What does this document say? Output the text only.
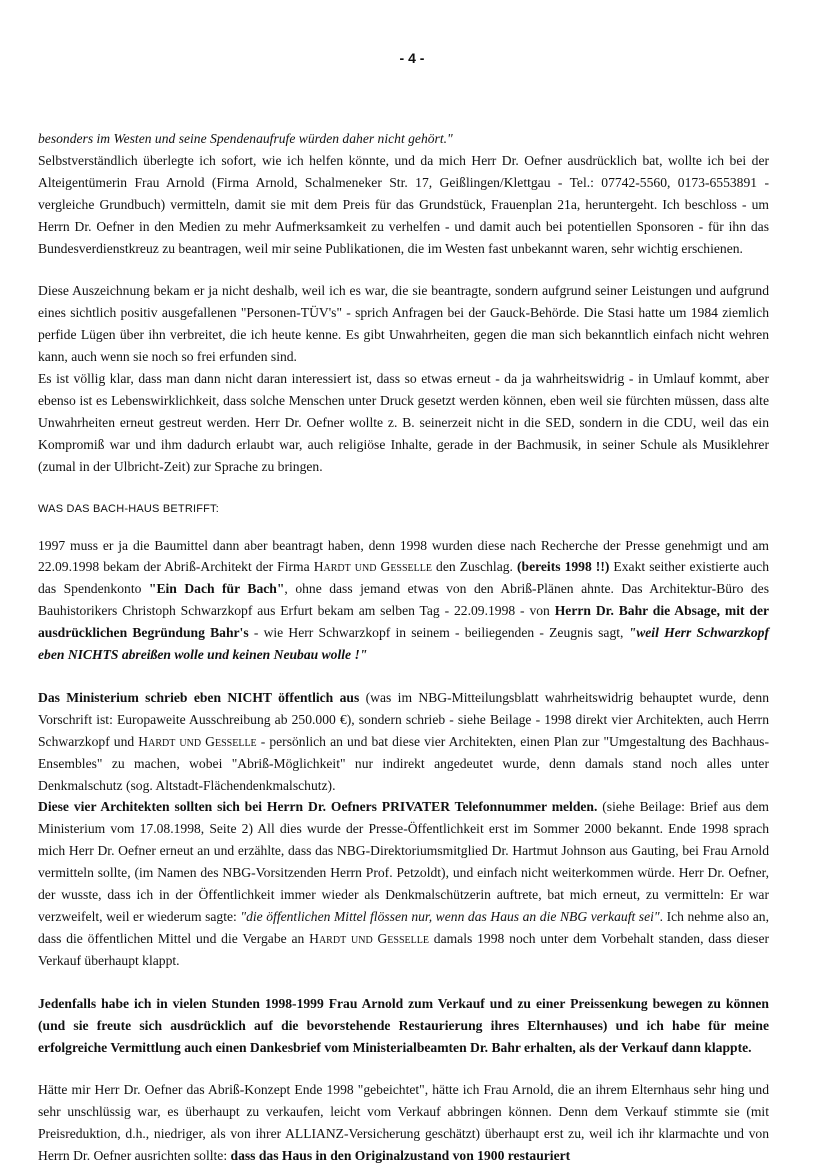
- 4 -

besonders im Westen und seine Spendenaufrufe würden daher nicht gehört."
Selbstverständlich überlegte ich sofort, wie ich helfen könnte, und da mich Herr Dr. Oefner ausdrücklich bat, wollte ich bei der Alteigentümerin Frau Arnold (Firma Arnold, Schalmeneker Str. 17, Geißlingen/Klettgau - Tel.: 07742-5560, 0173-6553891 - vergleiche Grundbuch) vermitteln, damit sie mit dem Preis für das Grundstück, Frauenplan 21a, heruntergeht. Ich beschloss - um Herrn Dr. Oefner in den Medien zu mehr Aufmerksamkeit zu verhelfen - und damit auch bei potentiellen Sponsoren - für ihn das Bundesverdienstkreuz zu beantragen, weil mir seine Publikationen, die im Westen fast unbekannt waren, sehr wichtig erschienen.

Diese Auszeichnung bekam er ja nicht deshalb, weil ich es war, die sie beantragte, sondern aufgrund seiner Leistungen und aufgrund eines sichtlich positiv ausgefallenen "Personen-TÜV's" - sprich Anfragen bei der Gauck-Behörde. Die Stasi hatte um 1984 ziemlich perfide Lügen über ihn verbreitet, die ich heute kenne. Es gibt Unwahrheiten, gegen die man sich bekanntlich einfach nicht wehren kann, auch wenn sie noch so frei erfunden sind.
Es ist völlig klar, dass man dann nicht daran interessiert ist, dass so etwas erneut - da ja wahrheitswidrig - in Umlauf kommt, aber ebenso ist es Lebenswirklichkeit, dass solche Menschen unter Druck gesetzt werden können, eben weil sie fürchten müssen, dass alte Unwahrheiten erneut gestreut werden. Herr Dr. Oefner wollte z. B. seinerzeit nicht in die SED, sondern in die CDU, weil das ein Kompromiß war und ihm dadurch erlaubt war, auch religiöse Inhalte, gerade in der Bachmusik, in seiner Schule als Musiklehrer (zumal in der Ulbricht-Zeit) zur Sprache zu bringen.

WAS DAS BACH-HAUS BETRIFFT:

1997 muss er ja die Baumittel dann aber beantragt haben, denn 1998 wurden diese nach Recherche der Presse genehmigt und am 22.09.1998 bekam der Abriß-Architekt der Firma Hardt und Gesselle den Zuschlag. (bereits 1998 !!) Exakt seither existierte auch das Spendenkonto "Ein Dach für Bach", ohne dass jemand etwas von den Abriß-Plänen ahnte. Das Architektur-Büro des Bauhistorikers Christoph Schwarzkopf aus Erfurt bekam am selben Tag - 22.09.1998 - von Herrn Dr. Bahr die Absage, mit der ausdrücklichen Begründung Bahr's - wie Herr Schwarzkopf in seinem - beiliegenden - Zeugnis sagt, "weil Herr Schwarzkopf eben NICHTS abreißen wolle und keinen Neubau wolle !"

Das Ministerium schrieb eben NICHT öffentlich aus (was im NBG-Mitteilungsblatt wahrheitswidrig behauptet wurde, denn Vorschrift ist: Europaweite Ausschreibung ab 250.000 €), sondern schrieb - siehe Beilage - 1998 direkt vier Architekten, auch Herrn Schwarzkopf und Hardt und Gesselle - persönlich an und bat diese vier Architekten, einen Plan zur "Umgestaltung des Bachhaus-Ensembles" zu machen, wobei "Abriß-Möglichkeit" nur indirekt angedeutet wurde, denn damals stand noch alles unter Denkmalschutz (sog. Altstadt-Flächendenkmalschutz).
Diese vier Architekten sollten sich bei Herrn Dr. Oefners PRIVATER Telefonnummer melden. (siehe Beilage: Brief aus dem Ministerium vom 17.08.1998, Seite 2) All dies wurde der Presse-Öffentlichkeit erst im Sommer 2000 bekannt. Ende 1998 sprach mich Herr Dr. Oefner erneut an und erzählte, dass das NBG-Direktoriumsmitglied Dr. Hartmut Johnson aus Gauting, bei Frau Arnold vermitteln sollte, (im Namen des NBG-Vorsitzenden Herrn Prof. Petzoldt), und einfach nicht weiterkommen würde. Herr Dr. Oefner, der wusste, dass ich in der Öffentlichkeit immer wieder als Denkmalschützerin auftrete, bat mich erneut, zu vermitteln: Er war verzweifelt, weil er wiederum sagte: "die öffentlichen Mittel flössen nur, wenn das Haus an die NBG verkauft sei". Ich nehme also an, dass die öffentlichen Mittel und die Vergabe an Hardt und Gesselle damals 1998 noch unter dem Vorbehalt standen, dass dieser Verkauf überhaupt klappt.

Jedenfalls habe ich in vielen Stunden 1998-1999 Frau Arnold zum Verkauf und zu einer Preissenkung bewegen zu können (und sie freute sich ausdrücklich auf die bevorstehende Restaurierung ihres Elternhauses) und ich habe für meine erfolgreiche Vermittlung auch einen Dankesbrief vom Ministerialbeamten Dr. Bahr erhalten, als der Verkauf dann klappte.

Hätte mir Herr Dr. Oefner das Abriß-Konzept Ende 1998 "gebeichtet", hätte ich Frau Arnold, die an ihrem Elternhaus sehr hing und sehr unschlüssig war, es überhaupt zu verkaufen, leicht vom Verkauf abbringen können. Denn dem Verkauf stimmte sie (mit Preisreduktion, d.h., niedriger, als von ihrer ALLIANZ-Versicherung geschätzt) überhaupt erst zu, weil ich ihr klarmachte und von Herrn Dr. Oefner ausrichten sollte: dass das Haus in den Originalzustand von 1900 restauriert
